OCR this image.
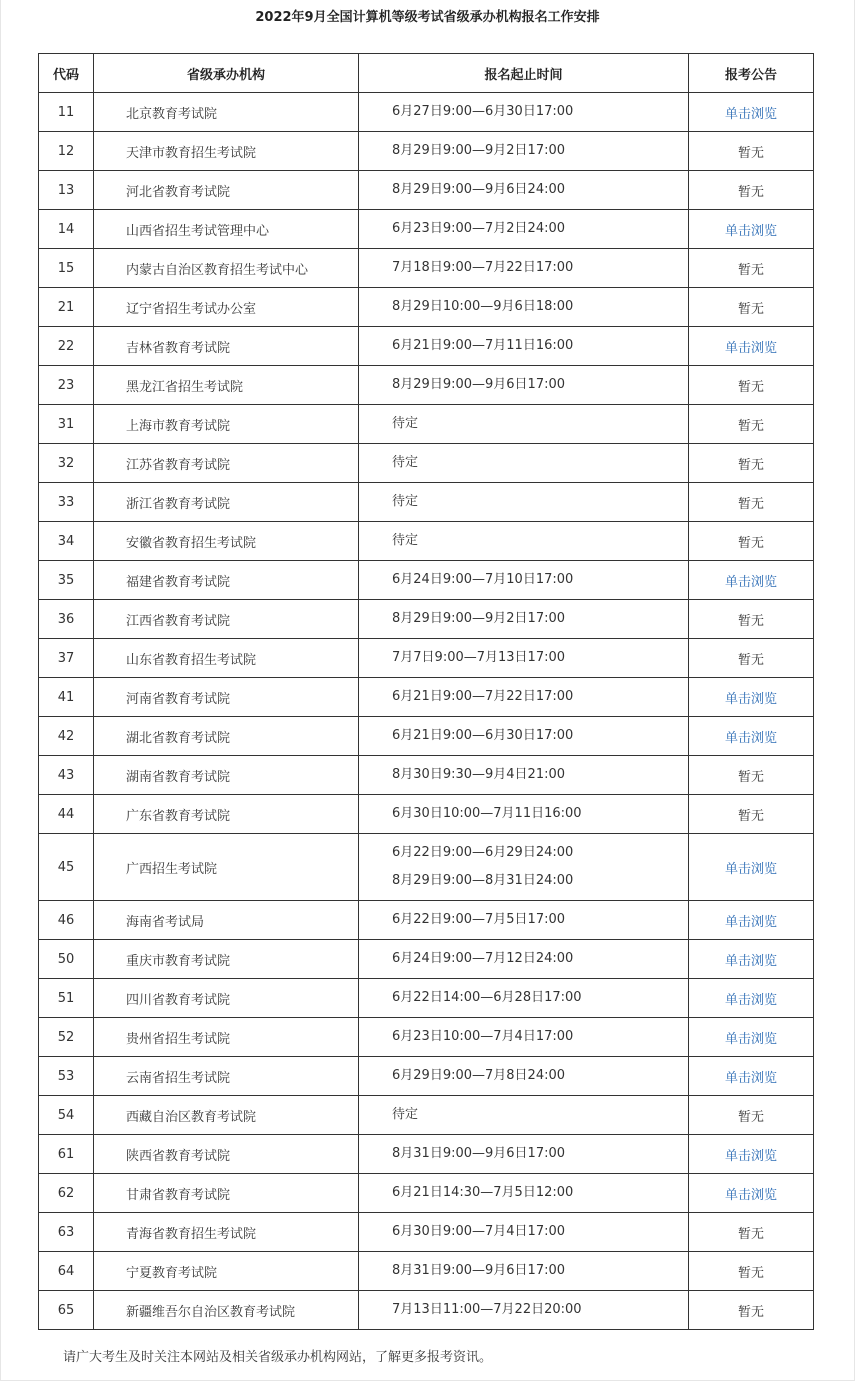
2022年9月全国计算机等级考试省级承办机构报名工作安排
代码	省级承办机构	报名起止时间	报考公告
11	北京教育考试院	6月27日9:00—6月30日17:00	单击浏览
12	天津市教育招生考试院	8月29日9:00—9月2日17:00	暂无
13	河北省教育考试院	8月29日9:00—9月6日24:00	暂无
14	山西省招生考试管理中心	6月23日9:00—7月2日24:00	单击浏览
15	内蒙古自治区教育招生考试中心	7月18日9:00—7月22日17:00	暂无
21	辽宁省招生考试办公室	8月29日10:00—9月6日18:00	暂无
22	吉林省教育考试院	6月21日9:00—7月11日16:00	单击浏览
23	黑龙江省招生考试院	8月29日9:00—9月6日17:00	暂无
31	上海市教育考试院	待定	暂无
32	江苏省教育考试院	待定	暂无
33	浙江省教育考试院	待定	暂无
34	安徽省教育招生考试院	待定	暂无
35	福建省教育考试院	6月24日9:00—7月10日17:00	单击浏览
36	江西省教育考试院	8月29日9:00—9月2日17:00	暂无
37	山东省教育招生考试院	7月7日9:00—7月13日17:00	暂无
41	河南省教育考试院	6月21日9:00—7月22日17:00	单击浏览
42	湖北省教育考试院	6月21日9:00—6月30日17:00	单击浏览
43	湖南省教育考试院	8月30日9:30—9月4日21:00	暂无
44	广东省教育考试院	6月30日10:00—7月11日16:00	暂无
45	广西招生考试院	6月22日9:00—6月29日24:00
8月29日9:00—8月31日24:00	单击浏览
46	海南省考试局	6月22日9:00—7月5日17:00	单击浏览
50	重庆市教育考试院	6月24日9:00—7月12日24:00	单击浏览
51	四川省教育考试院	6月22日14:00—6月28日17:00	单击浏览
52	贵州省招生考试院	6月23日10:00—7月4日17:00	单击浏览
53	云南省招生考试院	6月29日9:00—7月8日24:00	单击浏览
54	西藏自治区教育考试院	待定	暂无
61	陕西省教育考试院	8月31日9:00—9月6日17:00	单击浏览
62	甘肃省教育考试院	6月21日14:30—7月5日12:00	单击浏览
63	青海省教育招生考试院	6月30日9:00—7月4日17:00	暂无
64	宁夏教育考试院	8月31日9:00—9月6日17:00	暂无
65	新疆维吾尔自治区教育考试院	7月13日11:00—7月22日20:00	暂无
请广大考生及时关注本网站及相关省级承办机构网站，了解更多报考资讯。
